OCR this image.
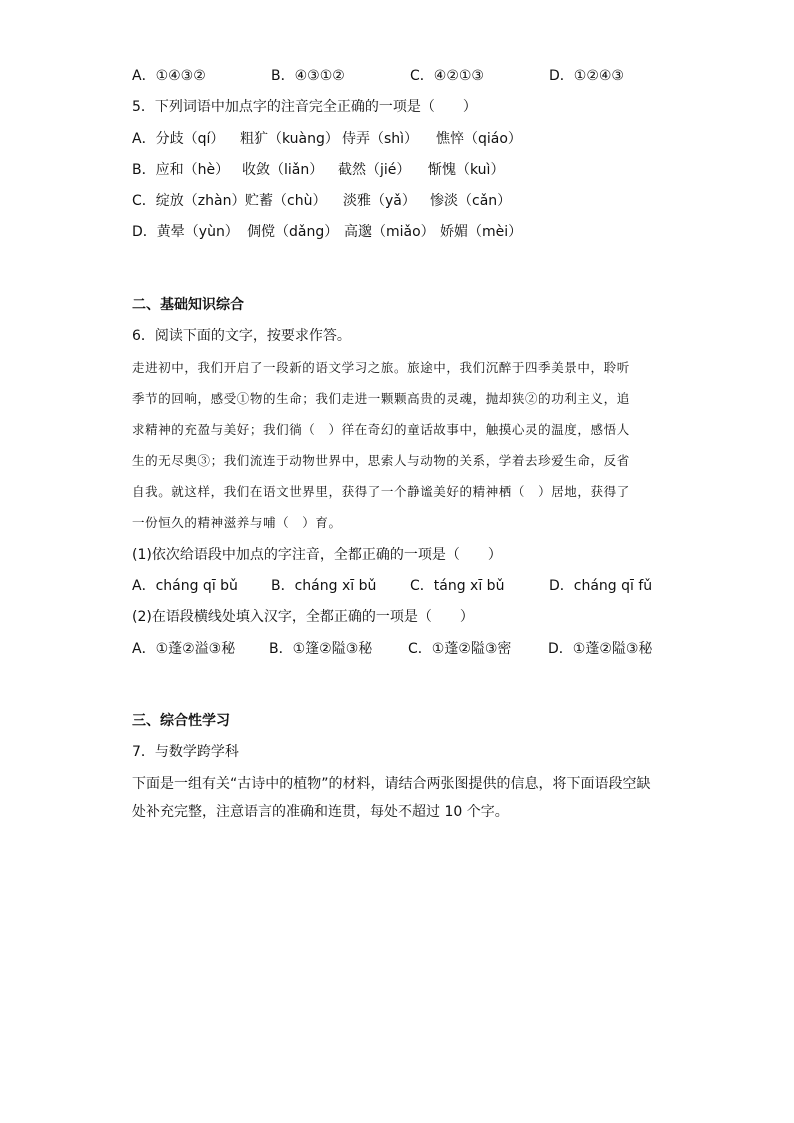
A．①④③②	B．④③①②	C．④②①③	D．①②④③
5．下列词语中加点字的注音完全正确的一项是（　　）
A．分歧（qí） 粗犷（kuàng） 侍弄（shì） 憔悴（qiáo）
B．应和（hè） 收敛（liǎn） 截然（jié） 惭愧（kuì）
C．绽放（zhàn） 贮蓄（chù） 淡雅（yǎ） 惨淡（cǎn）
D．黄晕（yùn） 倜傥（dǎng） 高邈（miǎo） 娇媚（mèi）
二、基础知识综合
6．阅读下面的文字，按要求作答。
走进初中，我们开启了一段新的语文学习之旅。旅途中，我们沉醉于四季美景中，聆听
季节的回响，感受①物的生命；我们走进一颗颗高贵的灵魂，抛却狭②的功利主义，追
求精神的充盈与美好；我们徜（　）徉在奇幻的童话故事中，触摸心灵的温度，感悟人
生的无尽奥③；我们流连于动物世界中，思索人与动物的关系，学着去珍爱生命，反省
自我。就这样，我们在语文世界里，获得了一个静谧美好的精神栖（　）居地，获得了
一份恒久的精神滋养与哺（　）育。
(1)依次给语段中加点的字注音，全都正确的一项是（　　）
A．cháng qī bǔ B．cháng xī bǔ C．táng xī bǔ	D．cháng qī fǔ
(2)在语段横线处填入汉字，全都正确的一项是（　　）
A．①蓬②溢③秘 B．①篷②隘③秘	C．①蓬②隘③密	D．①蓬②隘③秘
三、综合性学习
7．与数学跨学科
下面是一组有关“古诗中的植物”的材料，请结合两张图提供的信息，将下面语段空缺处补充完整，注意语言的准确和连贯，每处不超过 10 个字。
